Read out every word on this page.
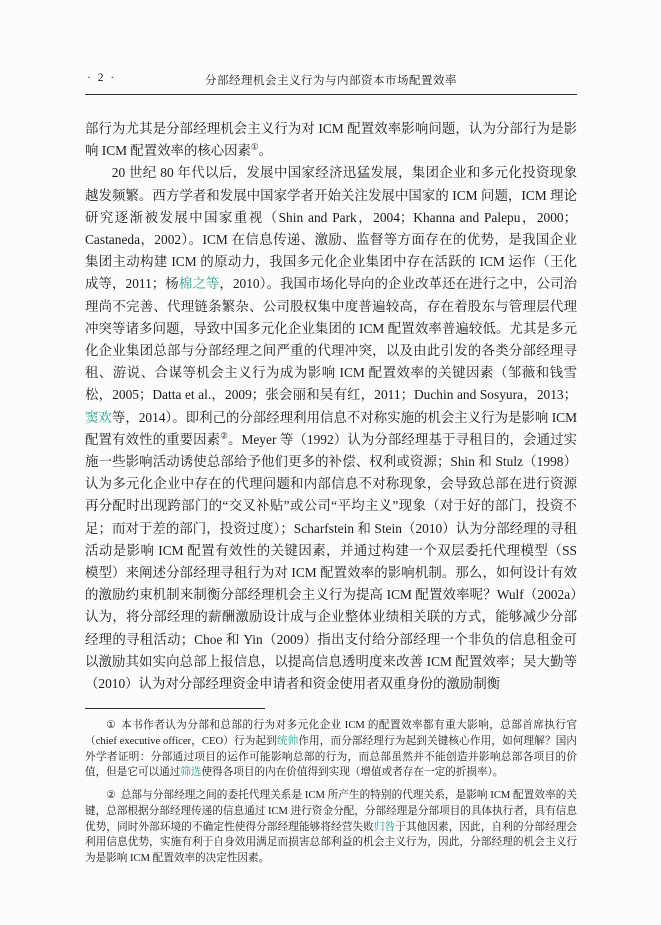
· 2 ·	分部经理机会主义行为与内部资本市场配置效率

部行为尤其是分部经理机会主义行为对 ICM 配置效率影响问题，认为分部行为是影响 ICM 配置效率的核心因素①。

20 世纪 80 年代以后，发展中国家经济迅猛发展，集团企业和多元化投资现象越发频繁。西方学者和发展中国家学者开始关注发展中国家的 ICM 问题，ICM 理论研究逐渐被发展中国家重视（Shin and Park，2004；Khanna and Palepu，2000；Castaneda，2002）。ICM 在信息传递、激励、监督等方面存在的优势，是我国企业集团主动构建 ICM 的原动力，我国多元化企业集团中存在活跃的 ICM 运作（王化成等，2011；杨棉之等，2010）。我国市场化导向的企业改革还在进行之中，公司治理尚不完善、代理链条繁杂、公司股权集中度普遍较高，存在着股东与管理层代理冲突等诸多问题，导致中国多元化企业集团的 ICM 配置效率普遍较低。尤其是多元化企业集团总部与分部经理之间严重的代理冲突，以及由此引发的各类分部经理寻租、游说、合谋等机会主义行为成为影响 ICM 配置效率的关键因素（邹薇和钱雪松，2005；Datta et al.，2009；张会丽和吴有红，2011；Duchin and Sosyura，2013；窦欢等，2014）。即利己的分部经理利用信息不对称实施的机会主义行为是影响 ICM 配置有效性的重要因素②。Meyer 等（1992）认为分部经理基于寻租目的，会通过实施一些影响活动诱使总部给予他们更多的补偿、权利或资源；Shin 和 Stulz（1998）认为多元化企业中存在的代理问题和内部信息不对称现象，会导致总部在进行资源再分配时出现跨部门的“交叉补贴”或公司“平均主义”现象（对于好的部门，投资不足；而对于差的部门，投资过度）；Scharfstein 和 Stein（2010）认为分部经理的寻租活动是影响 ICM 配置有效性的关键因素，并通过构建一个双层委托代理模型（SS 模型）来阐述分部经理寻租行为对 ICM 配置效率的影响机制。那么，如何设计有效的激励约束机制来制衡分部经理机会主义行为提高 ICM 配置效率呢？Wulf（2002a）认为，将分部经理的薪酬激励设计成与企业整体业绩相关联的方式，能够减少分部经理的寻租活动；Choe 和 Yin（2009）指出支付给分部经理一个非负的信息租金可以激励其如实向总部上报信息，以提高信息透明度来改善 ICM 配置效率；吴大勤等（2010）认为对分部经理资金申请者和资金使用者双重身份的激励制衡

① 本书作者认为分部和总部的行为对多元化企业 ICM 的配置效率都有重大影响，总部首席执行官（chief executive officer，CEO）行为起到统帅作用，而分部经理行为起到关键核心作用，如何理解？国内外学者证明：分部通过项目的运作可能影响总部的行为，而总部虽然并不能创造并影响总部各项目的价值，但是它可以通过筛选使得各项目的内在价值得到实现（增值或者存在一定的折损率）。

② 总部与分部经理之间的委托代理关系是 ICM 所产生的特别的代理关系，是影响 ICM 配置效率的关键，总部根据分部经理传递的信息通过 ICM 进行资金分配，分部经理是分部项目的具体执行者，具有信息优势，同时外部环境的不确定性使得分部经理能够将经营失败归咎于其他因素，因此，自利的分部经理会利用信息优势，实施有利于自身效用满足而损害总部利益的机会主义行为，因此，分部经理的机会主义行为是影响 ICM 配置效率的决定性因素。
